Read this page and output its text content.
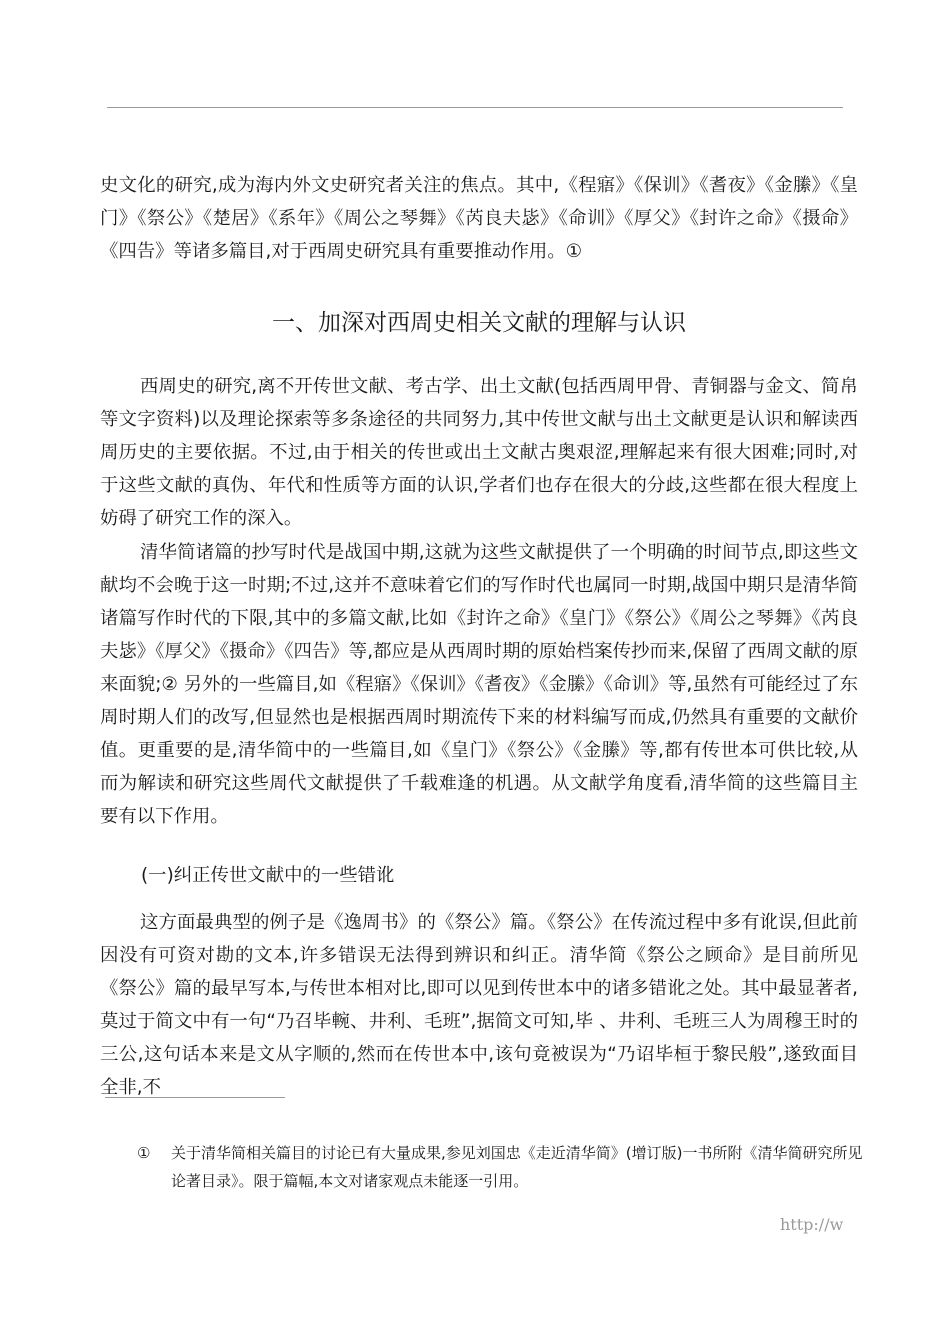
史文化的研究,成为海内外文史研究者关注的焦点。其中,《程寤》《保训》《耆夜》《金縢》《皇门》《祭公》《楚居》《系年》《周公之琴舞》《芮良夫毖》《命训》《厚父》《封许之命》《摄命》《四告》等诸多篇目,对于西周史研究具有重要推动作用。①

一、加深对西周史相关文献的理解与认识

西周史的研究,离不开传世文献、考古学、出土文献(包括西周甲骨、青铜器与金文、简帛等文字资料)以及理论探索等多条途径的共同努力,其中传世文献与出土文献更是认识和解读西周历史的主要依据。不过,由于相关的传世或出土文献古奥艰涩,理解起来有很大困难;同时,对于这些文献的真伪、年代和性质等方面的认识,学者们也存在很大的分歧,这些都在很大程度上妨碍了研究工作的深入。

清华简诸篇的抄写时代是战国中期,这就为这些文献提供了一个明确的时间节点,即这些文献均不会晚于这一时期;不过,这并不意味着它们的写作时代也属同一时期,战国中期只是清华简诸篇写作时代的下限,其中的多篇文献,比如《封许之命》《皇门》《祭公》《周公之琴舞》《芮良夫毖》《厚父》《摄命》《四告》等,都应是从西周时期的原始档案传抄而来,保留了西周文献的原来面貌;② 另外的一些篇目,如《程寤》《保训》《耆夜》《金縢》《命训》等,虽然有可能经过了东周时期人们的改写,但显然也是根据西周时期流传下来的材料编写而成,仍然具有重要的文献价值。更重要的是,清华简中的一些篇目,如《皇门》《祭公》《金縢》等,都有传世本可供比较,从而为解读和研究这些周代文献提供了千载难逢的机遇。从文献学角度看,清华简的这些篇目主要有以下作用。

(一)纠正传世文献中的一些错讹

这方面最典型的例子是《逸周书》的《祭公》篇。《祭公》在传流过程中多有讹误,但此前因没有可资对勘的文本,许多错误无法得到辨识和纠正。清华简《祭公之顾命》是目前所见《祭公》篇的最早写本,与传世本相对比,即可以见到传世本中的诸多错讹之处。其中最显著者,莫过于简文中有一句“乃召毕䡝、井利、毛班”,据简文可知,毕 、井利、毛班三人为周穆王时的三公,这句话本来是文从字顺的,然而在传世本中,该句竟被误为“乃诏毕桓于黎民般”,遂致面目全非,不

①	关于清华简相关篇目的讨论已有大量成果,参见刘国忠《走近清华简》(增订版)一书所附《清华简研究所见论著目录》。限于篇幅,本文对诸家观点未能逐一引用。

http://w
